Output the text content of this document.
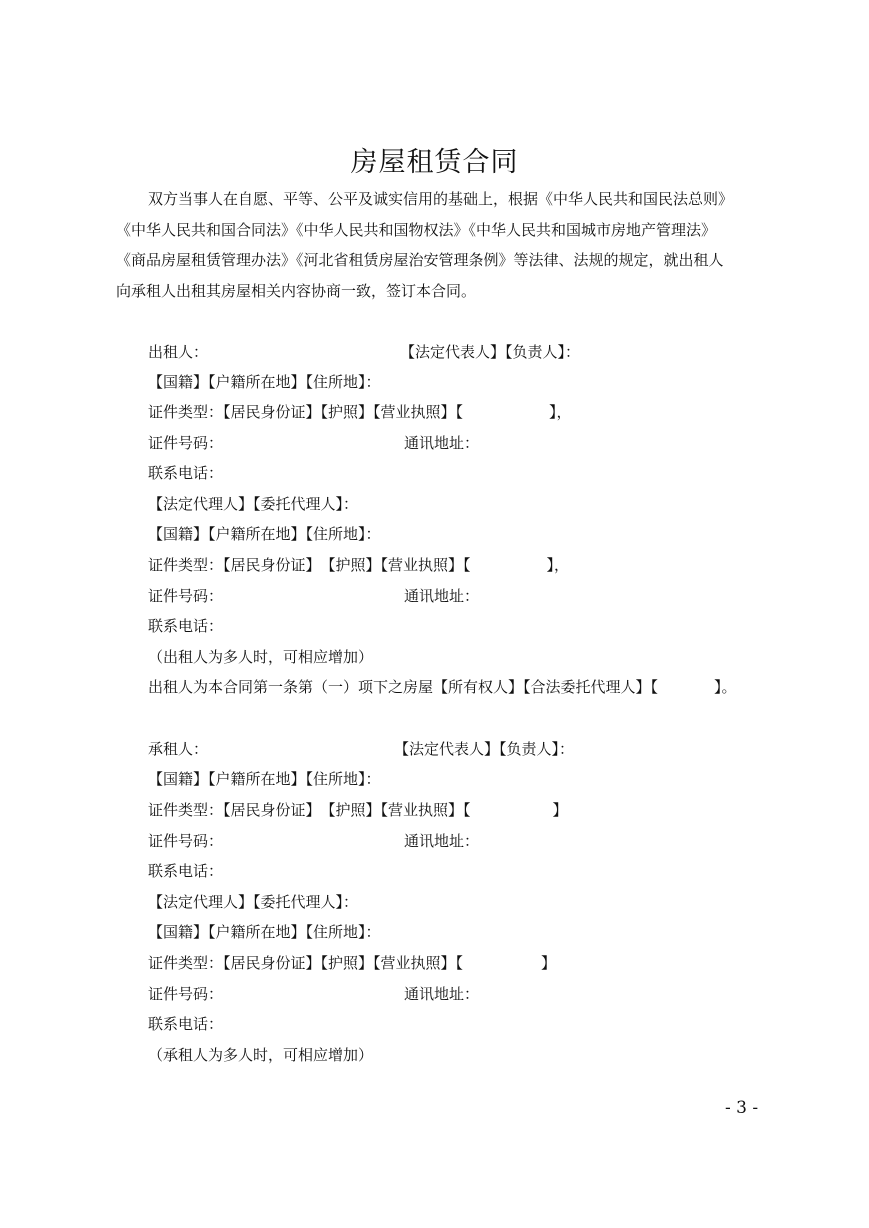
房屋租赁合同
双方当事人在自愿、平等、公平及诚实信用的基础上，根据《中华人民共和国民法总则》
《中华人民共和国合同法》《中华人民共和国物权法》《中华人民共和国城市房地产管理法》
《商品房屋租赁管理办法》《河北省租赁房屋治安管理条例》等法律、法规的规定，就出租人
向承租人出租其房屋相关内容协商一致，签订本合同。
出租人：	【法定代表人】【负责人】：
【国籍】【户籍所在地】【住所地】：
证件类型：【居民身份证】【护照】【营业执照】【	】，
证件号码：	通讯地址：
联系电话：
【法定代理人】【委托代理人】：
【国籍】【户籍所在地】【住所地】：
证件类型：【居民身份证】　【护照】【营业执照】【	】，
证件号码：	通讯地址：
联系电话：
（出租人为多人时，可相应增加）
出租人为本合同第一条第（一）项下之房屋【所有权人】【合法委托代理人】【	】。
承租人：	【法定代表人】【负责人】：
【国籍】【户籍所在地】【住所地】：
证件类型：【居民身份证】　【护照】【营业执照】【	】
证件号码：	通讯地址：
联系电话：
【法定代理人】【委托代理人】：
【国籍】【户籍所在地】【住所地】：
证件类型：【居民身份证】【护照】【营业执照】【	】
证件号码：	通讯地址：
联系电话：
（承租人为多人时，可相应增加）
- 3 -
